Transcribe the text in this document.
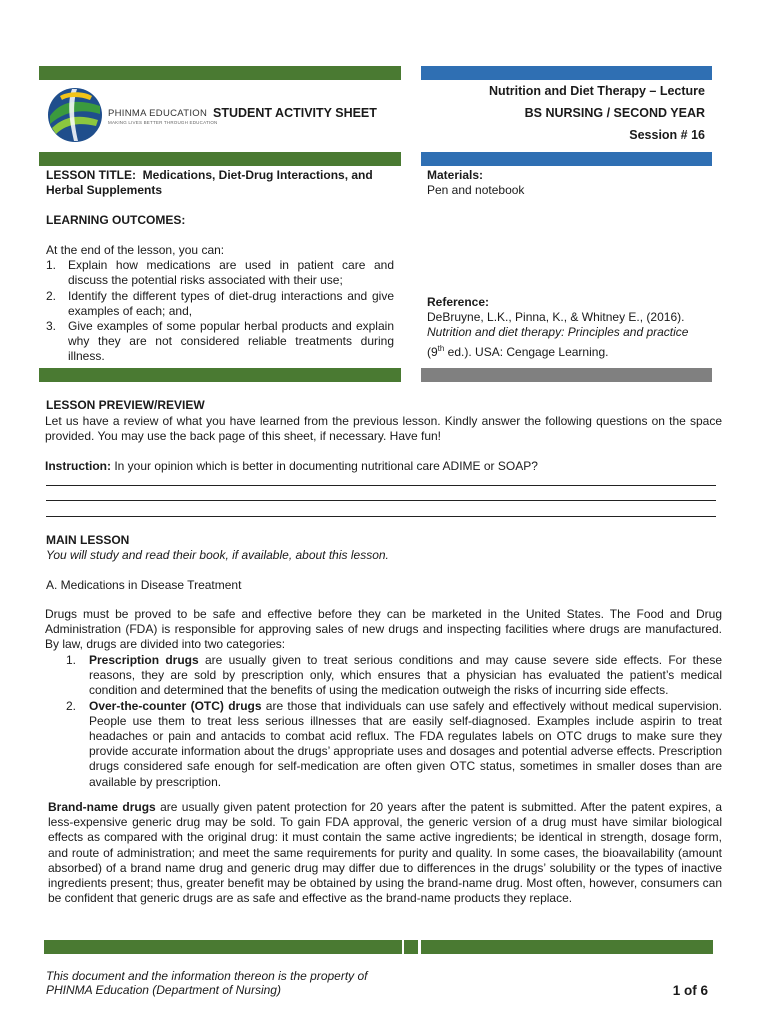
PHINMA EDUCATION
MAKING LIVES BETTER THROUGH EDUCATION
STUDENT ACTIVITY SHEET
Nutrition and Diet Therapy – Lecture
BS NURSING / SECOND YEAR
Session # 16
LESSON TITLE: Medications, Diet-Drug Interactions, and Herbal Supplements
LEARNING OUTCOMES:
At the end of the lesson, you can:
1. Explain how medications are used in patient care and discuss the potential risks associated with their use;
2. Identify the different types of diet-drug interactions and give examples of each; and,
3. Give examples of some popular herbal products and explain why they are not considered reliable treatments during illness.
Materials:
Pen and notebook
Reference:
DeBruyne, L.K., Pinna, K., & Whitney E., (2016).
Nutrition and diet therapy: Principles and practice
(9th ed.). USA: Cengage Learning.
LESSON PREVIEW/REVIEW
Let us have a review of what you have learned from the previous lesson. Kindly answer the following questions on the space provided. You may use the back page of this sheet, if necessary. Have fun!
Instruction: In your opinion which is better in documenting nutritional care ADIME or SOAP?
MAIN LESSON
You will study and read their book, if available, about this lesson.
A. Medications in Disease Treatment
Drugs must be proved to be safe and effective before they can be marketed in the United States. The Food and Drug Administration (FDA) is responsible for approving sales of new drugs and inspecting facilities where drugs are manufactured. By law, drugs are divided into two categories:
1. Prescription drugs are usually given to treat serious conditions and may cause severe side effects. For these reasons, they are sold by prescription only, which ensures that a physician has evaluated the patient’s medical condition and determined that the benefits of using the medication outweigh the risks of incurring side effects.
2. Over-the-counter (OTC) drugs are those that individuals can use safely and effectively without medical supervision. People use them to treat less serious illnesses that are easily self-diagnosed. Examples include aspirin to treat headaches or pain and antacids to combat acid reflux. The FDA regulates labels on OTC drugs to make sure they provide accurate information about the drugs’ appropriate uses and dosages and potential adverse effects. Prescription drugs considered safe enough for self-medication are often given OTC status, sometimes in smaller doses than are available by prescription.
Brand-name drugs are usually given patent protection for 20 years after the patent is submitted. After the patent expires, a less-expensive generic drug may be sold. To gain FDA approval, the generic version of a drug must have similar biological effects as compared with the original drug: it must contain the same active ingredients; be identical in strength, dosage form, and route of administration; and meet the same requirements for purity and quality. In some cases, the bioavailability (amount absorbed) of a brand name drug and generic drug may differ due to differences in the drugs’ solubility or the types of inactive ingredients present; thus, greater benefit may be obtained by using the brand-name drug. Most often, however, consumers can be confident that generic drugs are as safe and effective as the brand-name products they replace.
This document and the information thereon is the property of
PHINMA Education (Department of Nursing)	1 of 6
